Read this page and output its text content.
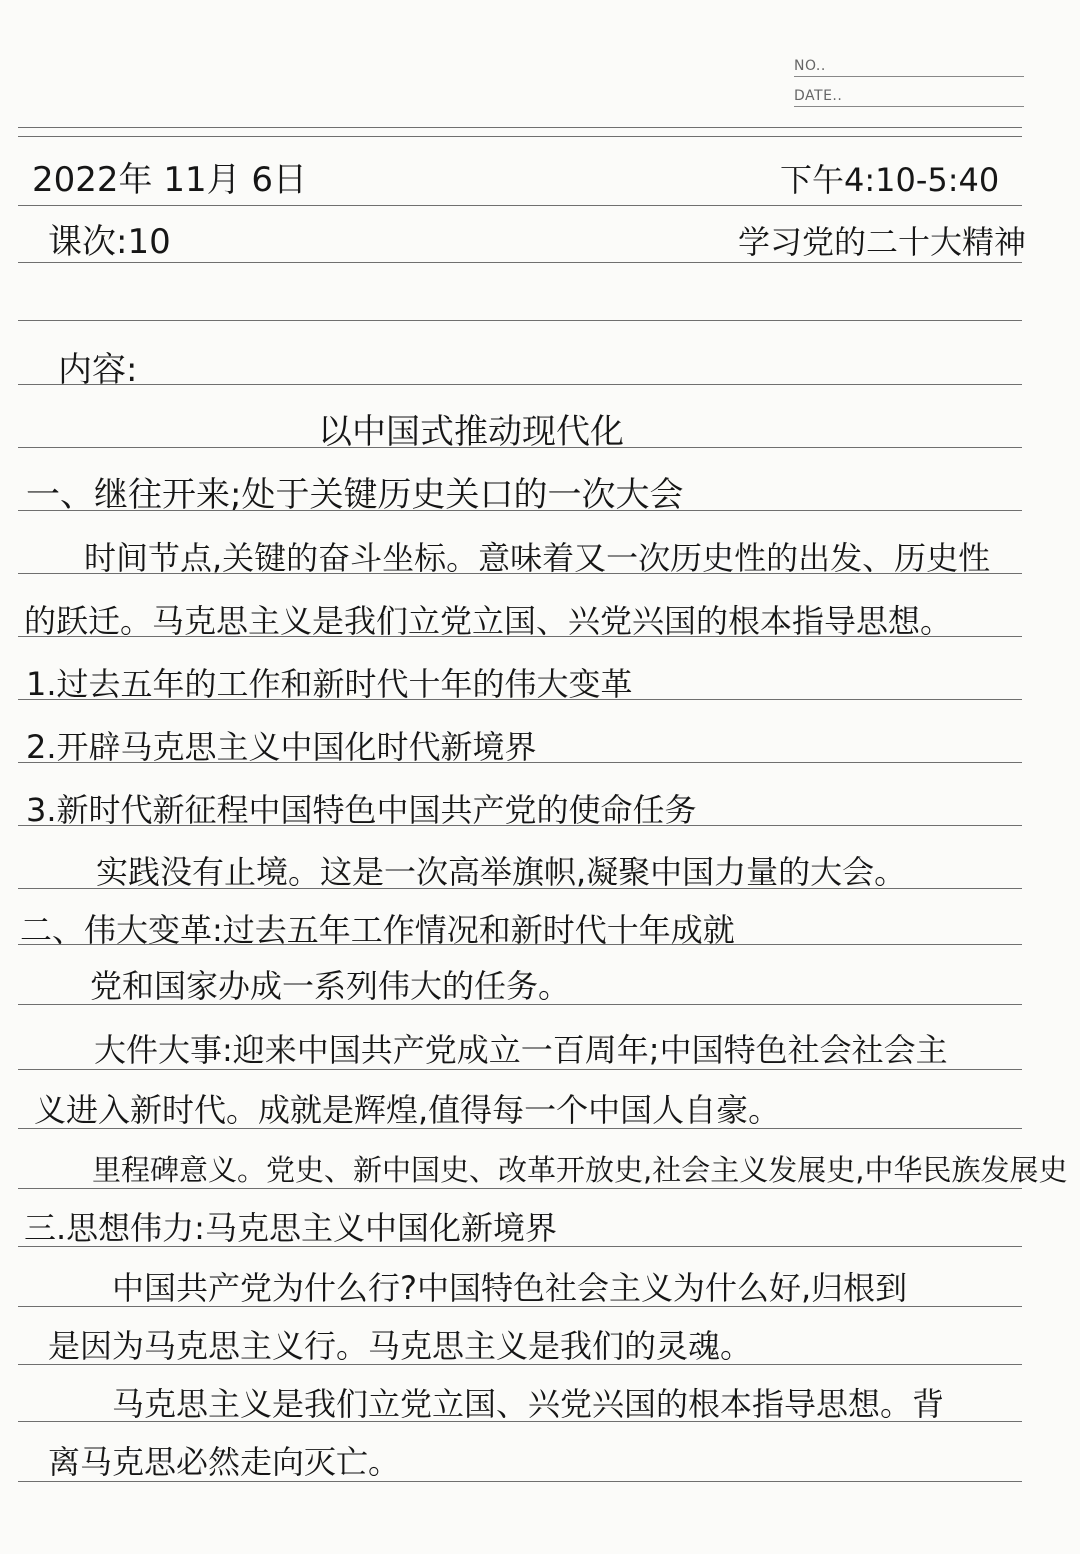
NO..
DATE..
2022年 11月 6日	下午4:10-5:40
课次:10	学习党的二十大精神
内容:
以中国式推动现代化
一、继往开来;处于关键历史关口的一次大会
时间节点,关键的奋斗坐标。意味着又一次历史性的出发、历史性
的跃迁。马克思主义是我们立党立国、兴党兴国的根本指导思想。
1.过去五年的工作和新时代十年的伟大变革
2.开辟马克思主义中国化时代新境界
3.新时代新征程中国特色中国共产党的使命任务
实践没有止境。这是一次高举旗帜,凝聚中国力量的大会。
二、伟大变革:过去五年工作情况和新时代十年成就
党和国家办成一系列伟大的任务。
大件大事:迎来中国共产党成立一百周年;中国特色社会社会主
义进入新时代。成就是辉煌,值得每一个中国人自豪。
里程碑意义。党史、新中国史、改革开放史,社会主义发展史,中华民族发展史
三.思想伟力:马克思主义中国化新境界
中国共产党为什么行?中国特色社会主义为什么好,归根到
是因为马克思主义行。马克思主义是我们的灵魂。
马克思主义是我们立党立国、兴党兴国的根本指导思想。背
离马克思必然走向灭亡。
